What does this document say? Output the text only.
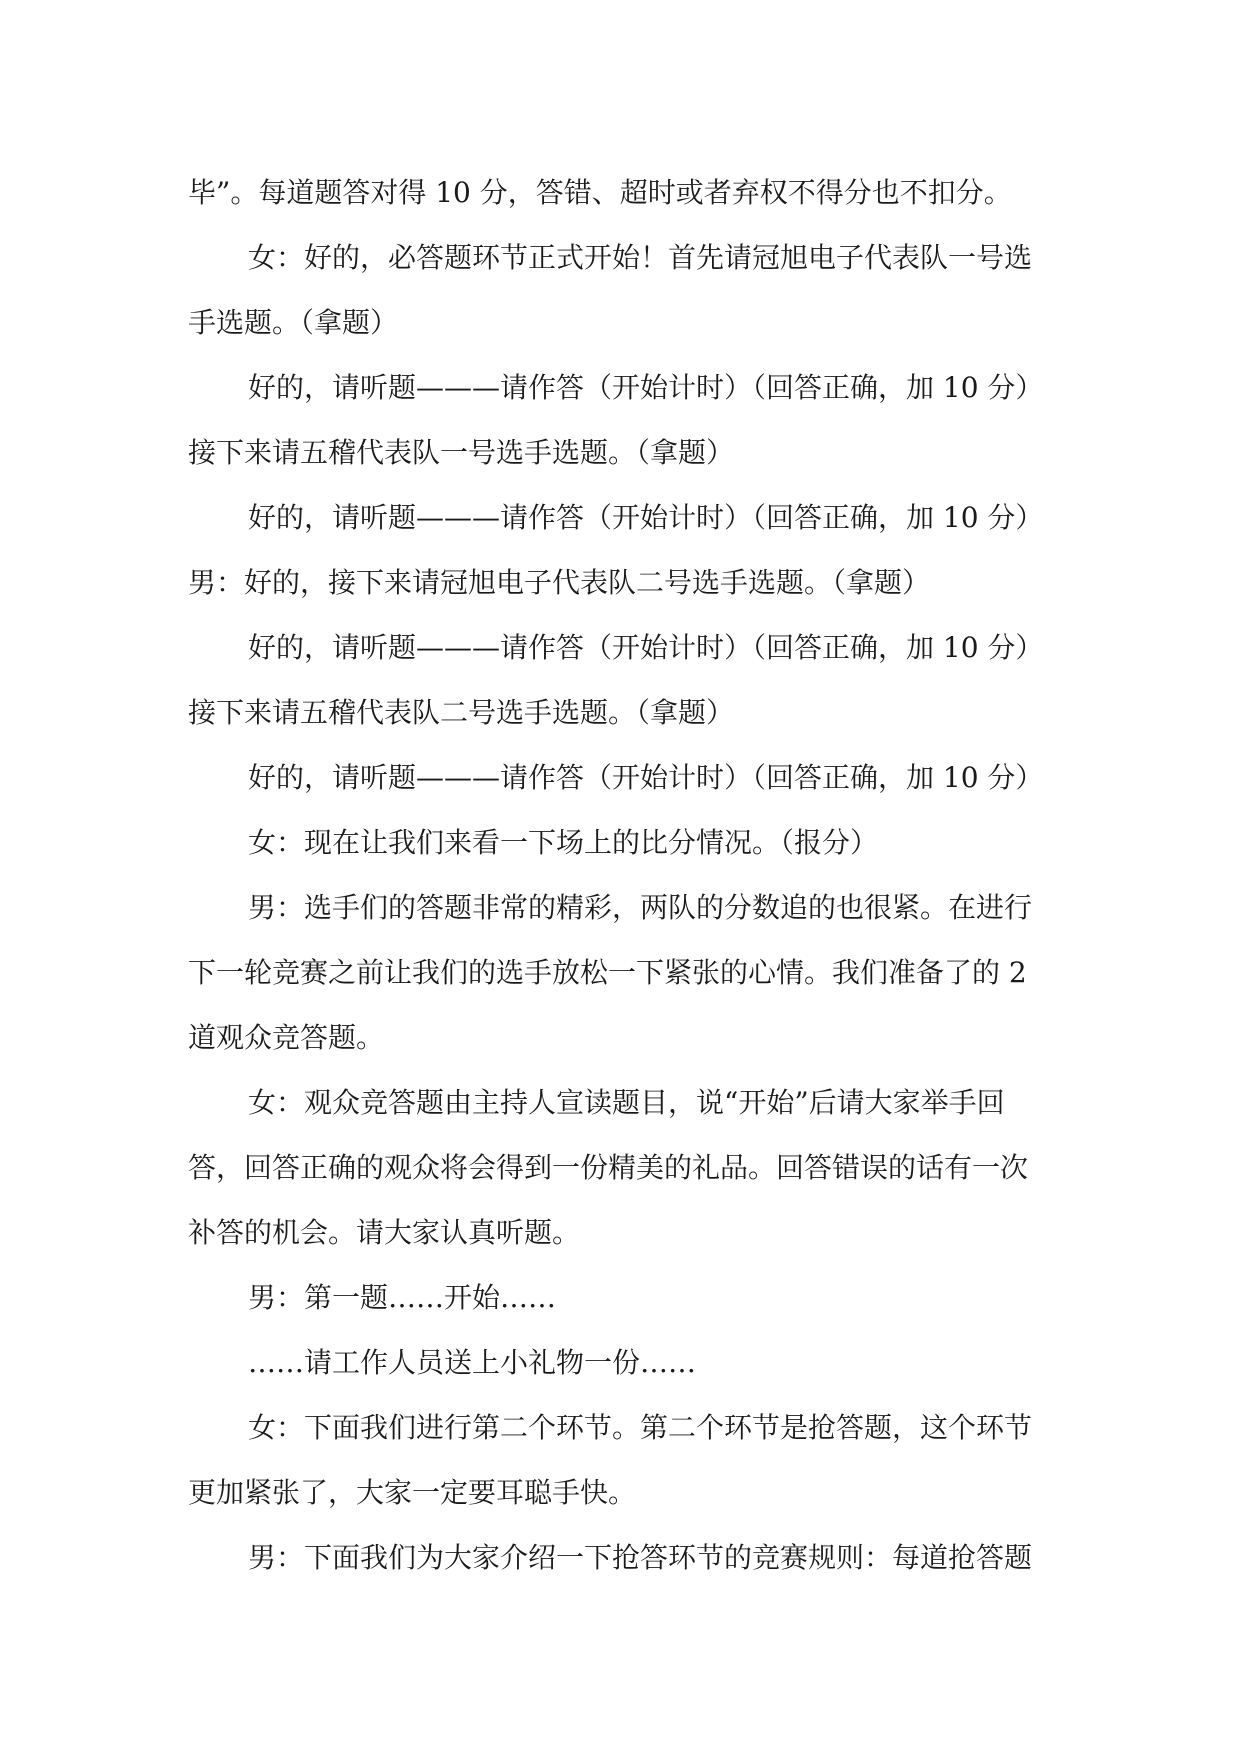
毕”。每道题答对得 10 分，答错、超时或者弃权不得分也不扣分。
女：好的，必答题环节正式开始！首先请冠旭电子代表队一号选
手选题。（拿题）
好的，请听题———请作答（开始计时）（回答正确，加 10 分）
接下来请五稽代表队一号选手选题。（拿题）
好的，请听题———请作答（开始计时）（回答正确，加 10 分）
男：好的，接下来请冠旭电子代表队二号选手选题。（拿题）
好的，请听题———请作答（开始计时）（回答正确，加 10 分）
接下来请五稽代表队二号选手选题。（拿题）
好的，请听题———请作答（开始计时）（回答正确，加 10 分）
女：现在让我们来看一下场上的比分情况。（报分）
男：选手们的答题非常的精彩，两队的分数追的也很紧。在进行
下一轮竞赛之前让我们的选手放松一下紧张的心情。我们准备了的 2
道观众竞答题。
女：观众竞答题由主持人宣读题目，说“开始”后请大家举手回
答，回答正确的观众将会得到一份精美的礼品。回答错误的话有一次
补答的机会。请大家认真听题。
男：第一题……开始……
……请工作人员送上小礼物一份……
女：下面我们进行第二个环节。第二个环节是抢答题，这个环节
更加紧张了，大家一定要耳聪手快。
男：下面我们为大家介绍一下抢答环节的竞赛规则：每道抢答题
